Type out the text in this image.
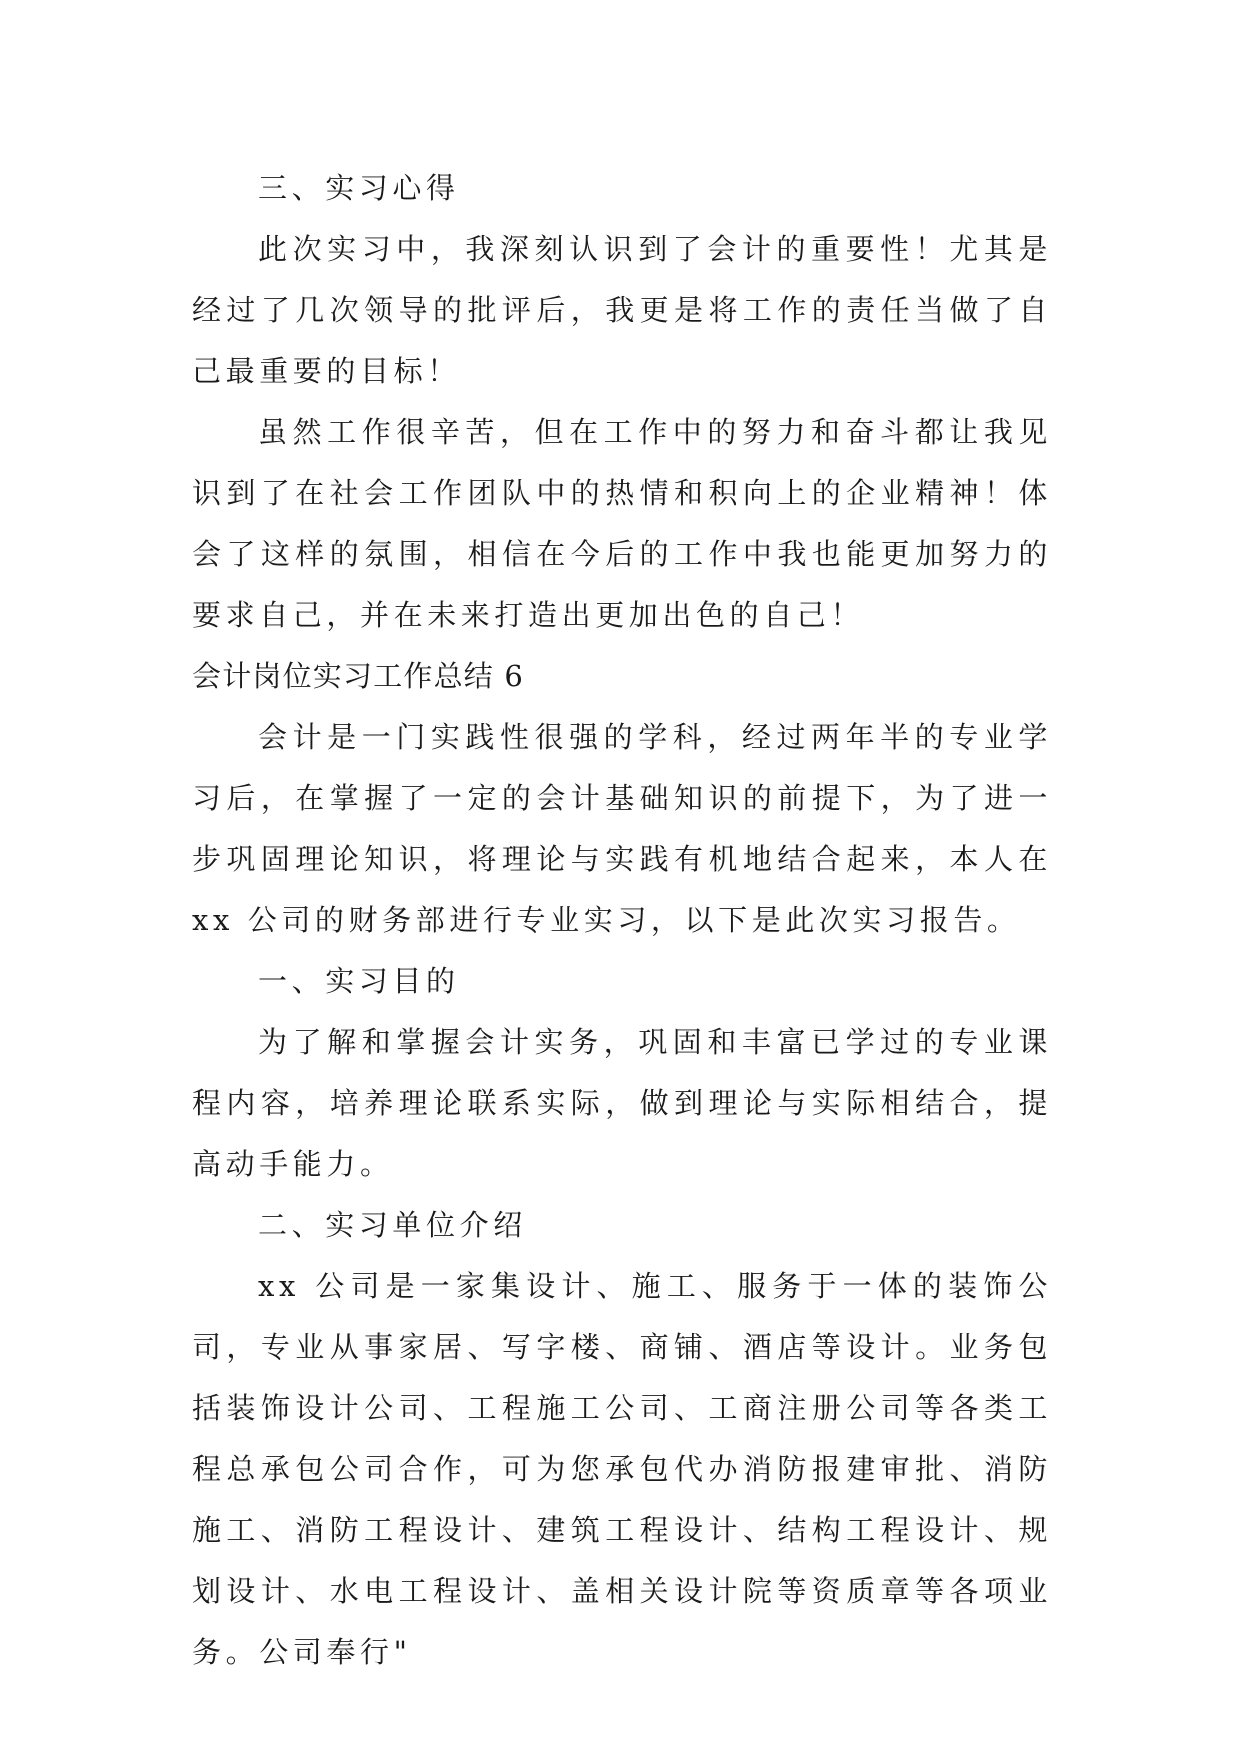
三、实习心得

此次实习中，我深刻认识到了会计的重要性！尤其是经过了几次领导的批评后，我更是将工作的责任当做了自己最重要的目标！

虽然工作很辛苦，但在工作中的努力和奋斗都让我见识到了在社会工作团队中的热情和积向上的企业精神！体会了这样的氛围，相信在今后的工作中我也能更加努力的要求自己，并在未来打造出更加出色的自己！

会计岗位实习工作总结 6

会计是一门实践性很强的学科，经过两年半的专业学习后，在掌握了一定的会计基础知识的前提下，为了进一步巩固理论知识，将理论与实践有机地结合起来，本人在 xx 公司的财务部进行专业实习，以下是此次实习报告。

一、实习目的

为了解和掌握会计实务，巩固和丰富已学过的专业课程内容，培养理论联系实际，做到理论与实际相结合，提高动手能力。

二、实习单位介绍

xx 公司是一家集设计、施工、服务于一体的装饰公司，专业从事家居、写字楼、商铺、酒店等设计。业务包括装饰设计公司、工程施工公司、工商注册公司等各类工程总承包公司合作，可为您承包代办消防报建审批、消防施工、消防工程设计、建筑工程设计、结构工程设计、规划设计、水电工程设计、盖相关设计院等资质章等各项业务。公司奉行"
